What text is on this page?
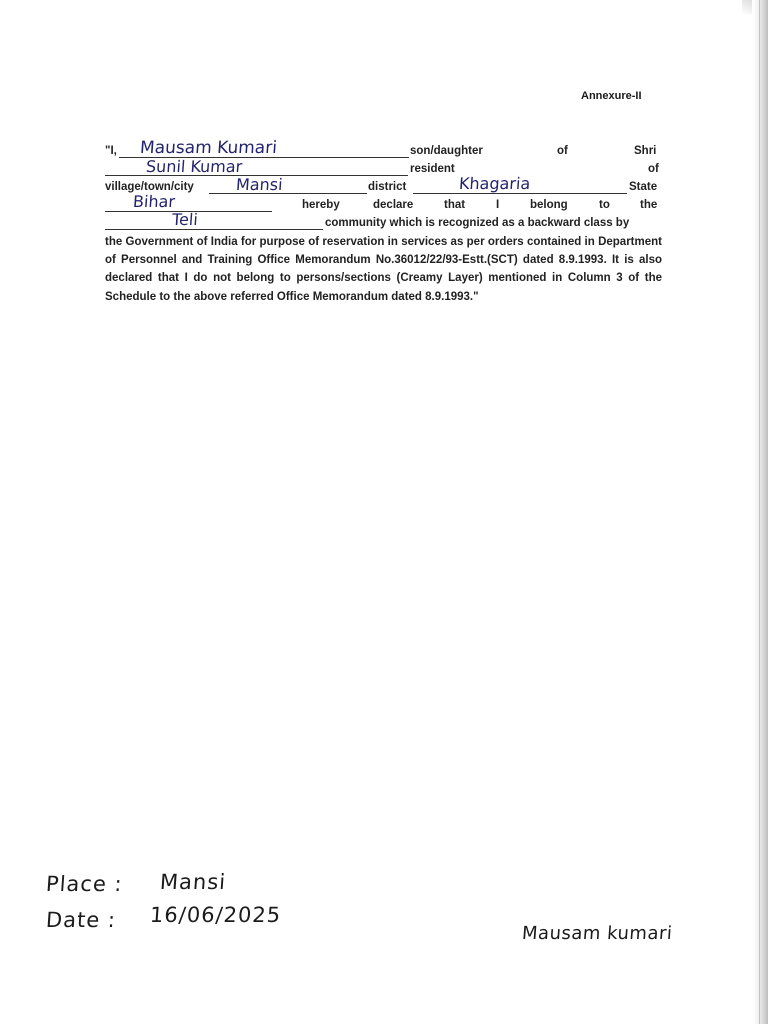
Annexure-II
"I,	son/daughter	of	Shri
Mausam Kumari
resident	of
Sunil Kumar
village/town/city	district	State
Mansi	Khagaria
hereby	declare	that	I	belong	to	the
Bihar
community which is recognized as a backward class by
Teli
the Government of India for purpose of reservation in services as per orders contained in Department of Personnel and Training Office Memorandum No.36012/22/93-Estt.(SCT) dated 8.9.1993. It is also declared that I do not belong to persons/sections (Creamy Layer) mentioned in Column 3 of the Schedule to the above referred Office Memorandum dated 8.9.1993."
Place : Mansi
Date : 16/06/2025
Mausam kumari
